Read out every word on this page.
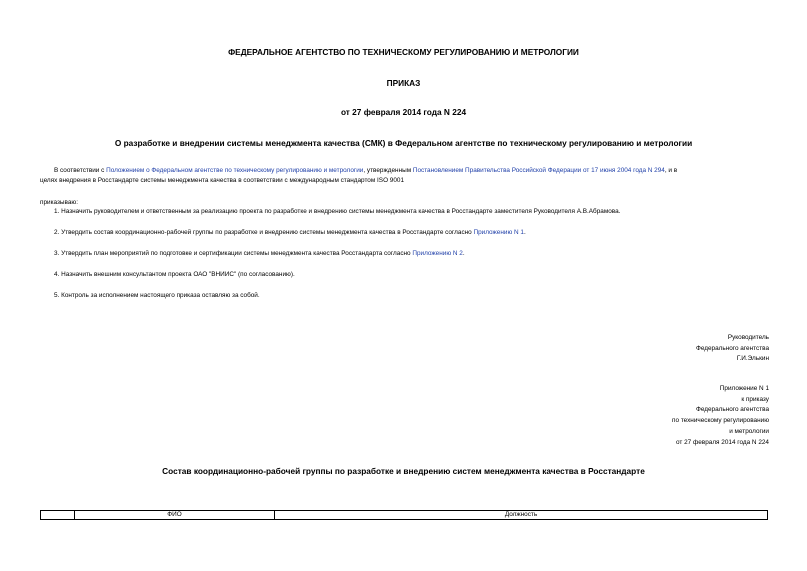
ФЕДЕРАЛЬНОЕ АГЕНТСТВО ПО ТЕХНИЧЕСКОМУ РЕГУЛИРОВАНИЮ И МЕТРОЛОГИИ
ПРИКАЗ
от 27 февраля 2014 года N 224
О разработке и внедрении системы менеджмента качества (СМК) в Федеральном агентстве по техническому регулированию и метрологии
В соответствии с Положением о Федеральном агентстве по техническому регулированию и метрологии, утвержденным Постановлением Правительства Российской Федерации от 17 июня 2004 года N 294, и в
целях внедрения в Росстандарте системы менеджмента качества в соответствии с международным стандартом ISO 9001
приказываю:
1. Назначить руководителем и ответственным за реализацию проекта по разработке и внедрению системы менеджмента качества в Росстандарте заместителя Руководителя А.В.Абрамова.
2. Утвердить состав координационно-рабочей группы по разработке и внедрению системы менеджмента качества в Росстандарте согласно Приложению N 1.
3. Утвердить план мероприятий по подготовке и сертификации системы менеджмента качества Росстандарта согласно Приложению N 2.
4. Назначить внешним консультантом проекта ОАО "ВНИИС" (по согласованию).
5. Контроль за исполнением настоящего приказа оставляю за собой.
Руководитель
Федерального агентства
Г.И.Элькин
Приложение N 1
к приказу
Федерального агентства
по техническому регулированию
и метрологии
от 27 февраля 2014 года N 224
Состав координационно-рабочей группы по разработке и внедрению систем менеджмента качества в Росстандарте
	ФИО	Должность
